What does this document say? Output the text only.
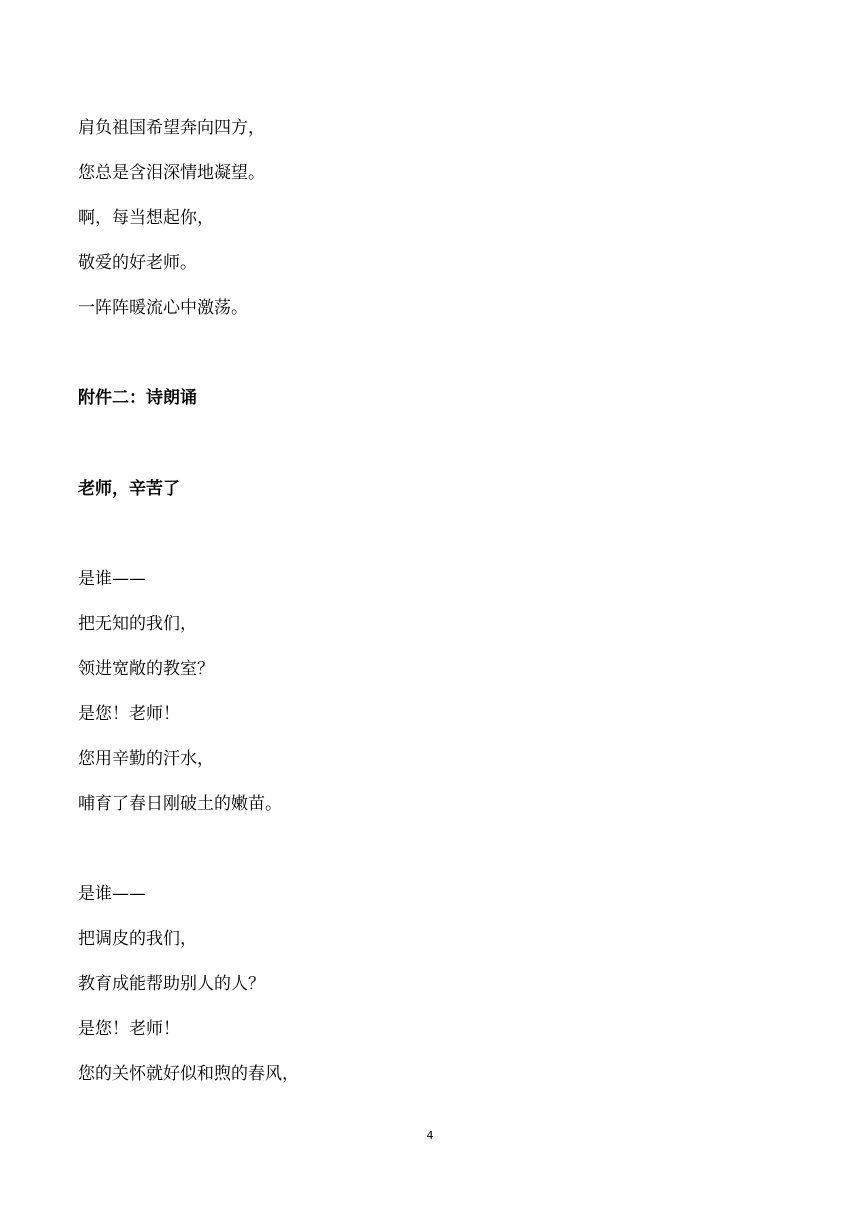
肩负祖国希望奔向四方，

您总是含泪深情地凝望。

啊，每当想起你，

敬爱的好老师。

一阵阵暖流心中激荡。

附件二：诗朗诵

老师，辛苦了

是谁——

把无知的我们，

领进宽敞的教室？

是您！老师！

您用辛勤的汗水，

哺育了春日刚破土的嫩苗。

是谁——

把调皮的我们，

教育成能帮助别人的人？

是您！老师！

您的关怀就好似和煦的春风，

4
